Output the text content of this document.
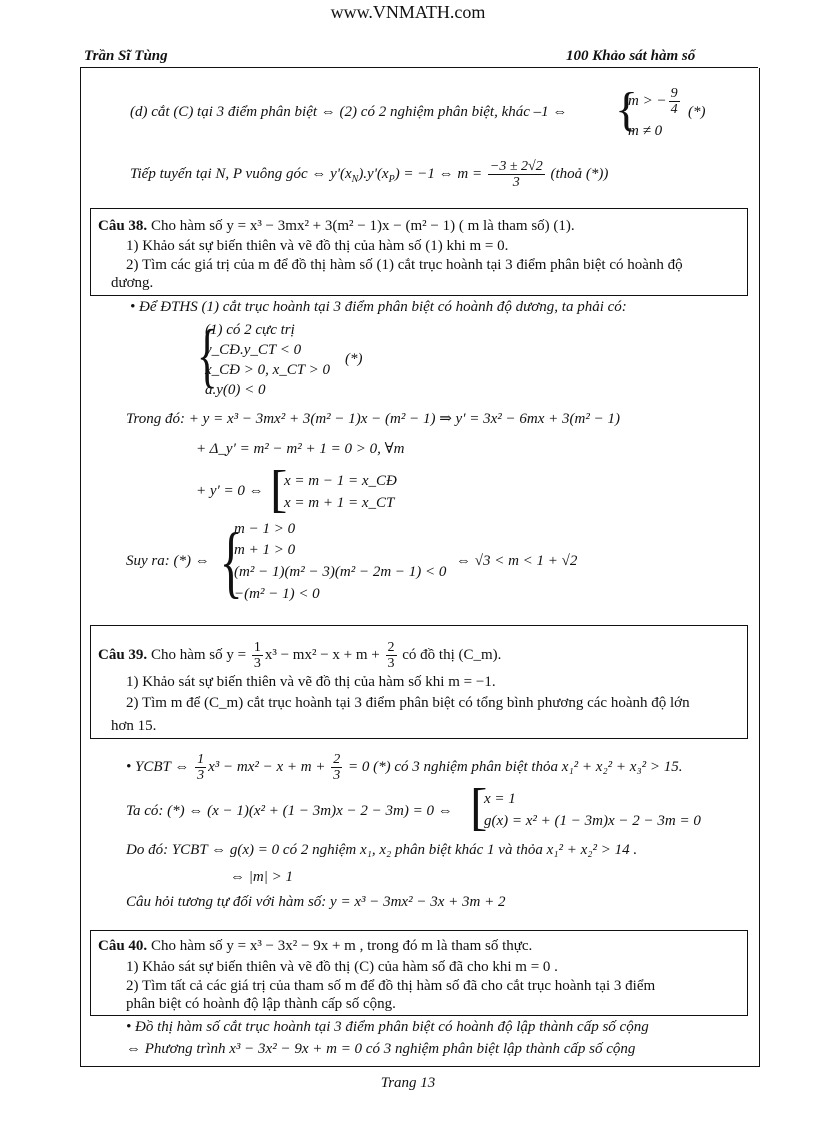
www.VNMATH.com
Trần Sĩ Tùng	100 Khảo sát hàm số
(d) cắt (C) tại 3 điểm phân biệt ⇔ (2) có 2 nghiệm phân biệt, khác –1 ⇔ {
m > − $\frac{9}{4}$ (*)
m ≠ 0
Tiếp tuyến tại N, P vuông góc ⇔ $y'(x_N).y'(x_P) = -1$ ⇔ $m = \frac{-3 \pm 2√2}{3}$ (thoả (*))
Câu 38. Cho hàm số y = x³ − 3mx² + 3(m² − 1)x − (m² − 1) ( m là tham số) (1).
1) Khảo sát sự biến thiên và vẽ đồ thị của hàm số (1) khi m = 0.
2) Tìm các giá trị của m để đồ thị hàm số (1) cắt trục hoành tại 3 điểm phân biệt có hoành độ
dương.
• Để ĐTHS (1) cắt trục hoành tại 3 điểm phân biệt có hoành độ dương, ta phải có:
{
(1) có 2 cực trị
y_CĐ.y_CT < 0
x_CĐ > 0, x_CT > 0
a.y(0) < 0
(*)
Trong đó: + y = x³ − 3mx² + 3(m² − 1)x − (m² − 1) ⇒ y′ = 3x² − 6mx + 3(m² − 1)
+ Δ_y′ = m² − m² + 1 = 0 > 0, ∀m
+ y′ = 0 ⇔ [
x = m − 1 = x_CĐ
x = m + 1 = x_CT
Suy ra: (*) ⇔ {
m − 1 > 0
m + 1 > 0
(m² − 1)(m² − 3)(m² − 2m − 1) < 0
−(m² − 1) < 0
⇔ √3 < m < 1 + √2
Câu 39. Cho hàm số $y = \frac{1}{3} x^3 - mx^2 - x + m + \frac{2}{3}$ có đồ thị (C_m).
1) Khảo sát sự biến thiên và vẽ đồ thị của hàm số khi m = −1.
2) Tìm m để (C_m) cắt trục hoành tại 3 điểm phân biệt có tổng bình phương các hoành độ lớn
hơn 15.
• YCBT ⇔ $\frac{1}{3} x^3 - mx^2 - x + m + \frac{2}{3} = 0$ (*) có 3 nghiệm phân biệt thỏa x₁² + x₂² + x₃² > 15.
Ta có: (*) ⇔ (x − 1)(x² + (1 − 3m)x − 2 − 3m) = 0 ⇔ [
x = 1
g(x) = x² + (1 − 3m)x − 2 − 3m = 0
Do đó: YCBT ⇔ g(x) = 0 có 2 nghiệm x₁, x₂ phân biệt khác 1 và thỏa x₁² + x₂² > 14 .
⇔ |m| > 1
Câu hỏi tương tự đối với hàm số: y = x³ − 3mx² − 3x + 3m + 2
Câu 40. Cho hàm số y = x³ − 3x² − 9x + m , trong đó m là tham số thực.
1) Khảo sát sự biến thiên và vẽ đồ thị (C) của hàm số đã cho khi m = 0 .
2) Tìm tất cả các giá trị của tham số m để đồ thị hàm số đã cho cắt trục hoành tại 3 điểm
phân biệt có hoành độ lập thành cấp số cộng.
• Đồ thị hàm số cắt trục hoành tại 3 điểm phân biệt có hoành độ lập thành cấp số cộng
⇔ Phương trình x³ − 3x² − 9x + m = 0 có 3 nghiệm phân biệt lập thành cấp số cộng
Trang 13
